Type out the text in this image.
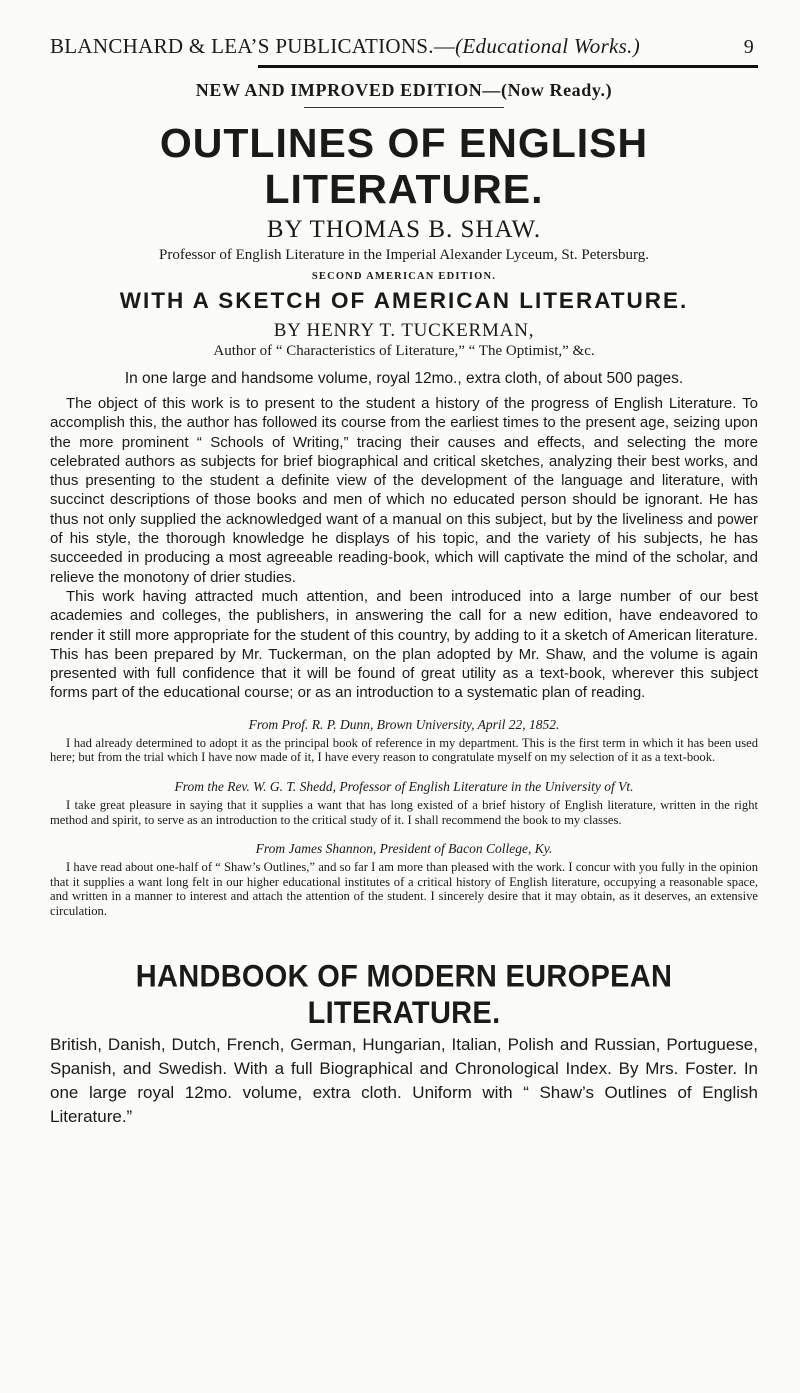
BLANCHARD & LEA’S PUBLICATIONS.—(Educational Works.)	9
NEW AND IMPROVED EDITION—(Now Ready.)
OUTLINES OF ENGLISH LITERATURE.
BY THOMAS B. SHAW.
Professor of English Literature in the Imperial Alexander Lyceum, St. Petersburg.
SECOND AMERICAN EDITION.
WITH A SKETCH OF AMERICAN LITERATURE.
BY HENRY T. TUCKERMAN,
Author of “ Characteristics of Literature,” “ The Optimist,” &c.
In one large and handsome volume, royal 12mo., extra cloth, of about 500 pages.

The object of this work is to present to the student a history of the progress of English Literature. To accomplish this, the author has followed its course from the earliest times to the present age, seizing upon the more prominent “ Schools of Writing,” tracing their causes and effects, and selecting the more celebrated authors as subjects for brief biographical and critical sketches, analyzing their best works, and thus presenting to the student a definite view of the development of the language and literature, with succinct descriptions of those books and men of which no educated person should be ignorant. He has thus not only supplied the acknowledged want of a manual on this subject, but by the liveliness and power of his style, the thorough knowledge he displays of his topic, and the variety of his subjects, he has succeeded in producing a most agreeable reading-book, which will captivate the mind of the scholar, and relieve the monotony of drier studies.

This work having attracted much attention, and been introduced into a large number of our best academies and colleges, the publishers, in answering the call for a new edition, have endeavored to render it still more appropriate for the student of this country, by adding to it a sketch of American literature. This has been prepared by Mr. Tuckerman, on the plan adopted by Mr. Shaw, and the volume is again presented with full confidence that it will be found of great utility as a text-book, wherever this subject forms part of the educational course; or as an introduction to a systematic plan of reading.

From Prof. R. P. Dunn, Brown University, April 22, 1852.
I had already determined to adopt it as the principal book of reference in my department. This is the first term in which it has been used here; but from the trial which I have now made of it, I have every reason to congratulate myself on my selection of it as a text-book.
From the Rev. W. G. T. Shedd, Professor of English Literature in the University of Vt.
I take great pleasure in saying that it supplies a want that has long existed of a brief history of English literature, written in the right method and spirit, to serve as an introduction to the critical study of it. I shall recommend the book to my classes.
From James Shannon, President of Bacon College, Ky.
I have read about one-half of “ Shaw’s Outlines,” and so far I am more than pleased with the work. I concur with you fully in the opinion that it supplies a want long felt in our higher educational institutes of a critical history of English literature, occupying a reasonable space, and written in a manner to interest and attach the attention of the student. I sincerely desire that it may obtain, as it deserves, an extensive circulation.
HANDBOOK OF MODERN EUROPEAN LITERATURE.
British, Danish, Dutch, French, German, Hungarian, Italian, Polish and Russian, Portuguese, Spanish, and Swedish. With a full Biographical and Chronological Index. By Mrs. Foster. In one large royal 12mo. volume, extra cloth. Uniform with “ Shaw’s Outlines of English Literature.”
